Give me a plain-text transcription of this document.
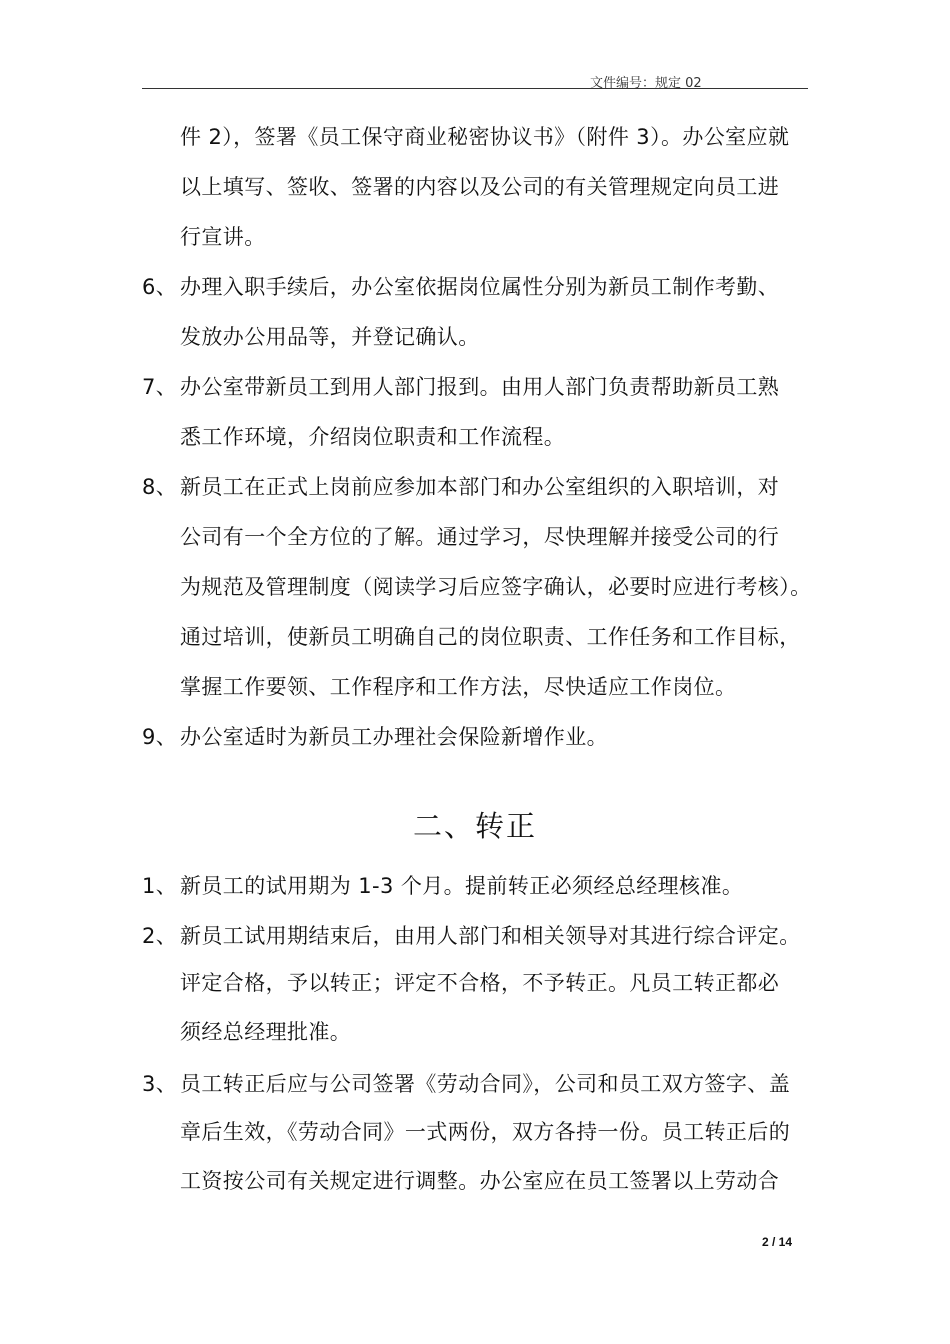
文件编号：规定 02
件 2），签署《员工保守商业秘密协议书》（附件 3）。办公室应就
以上填写、签收、签署的内容以及公司的有关管理规定向员工进
行宣讲。
6、 办理入职手续后，办公室依据岗位属性分别为新员工制作考勤、
发放办公用品等，并登记确认。
7、 办公室带新员工到用人部门报到。由用人部门负责帮助新员工熟
悉工作环境，介绍岗位职责和工作流程。
8、 新员工在正式上岗前应参加本部门和办公室组织的入职培训，对
公司有一个全方位的了解。通过学习，尽快理解并接受公司的行
为规范及管理制度（阅读学习后应签字确认，必要时应进行考核）。
通过培训，使新员工明确自己的岗位职责、工作任务和工作目标，
掌握工作要领、工作程序和工作方法，尽快适应工作岗位。
9、 办公室适时为新员工办理社会保险新增作业。
二、转正
1、 新员工的试用期为 1-3 个月。提前转正必须经总经理核准。
2、 新员工试用期结束后，由用人部门和相关领导对其进行综合评定。
评定合格，予以转正；评定不合格，不予转正。凡员工转正都必
须经总经理批准。
3、 员工转正后应与公司签署《劳动合同》，公司和员工双方签字、盖
章后生效，《劳动合同》一式两份，双方各持一份。员工转正后的
工资按公司有关规定进行调整。办公室应在员工签署以上劳动合
2 / 14
